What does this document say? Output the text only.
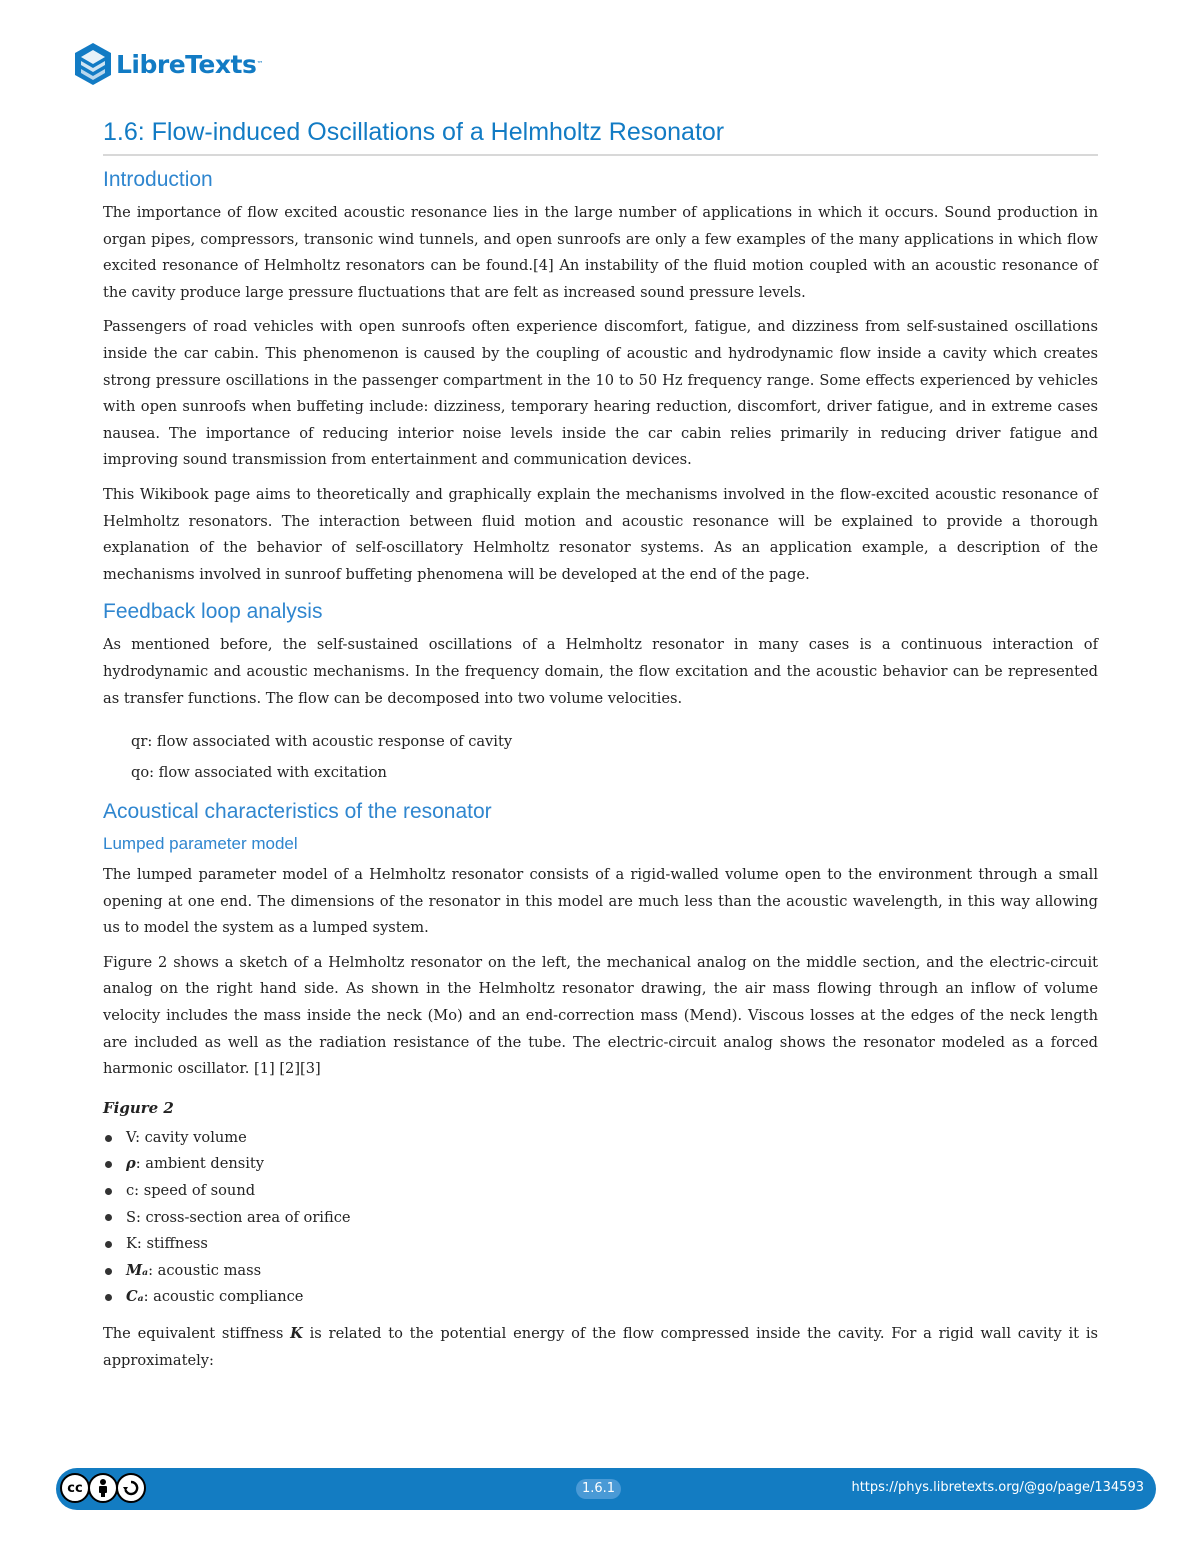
LibreTexts ™
1.6: Flow-induced Oscillations of a Helmholtz Resonator
Introduction

The importance of flow excited acoustic resonance lies in the large number of applications in which it occurs. Sound production in organ pipes, compressors, transonic wind tunnels, and open sunroofs are only a few examples of the many applications in which flow excited resonance of Helmholtz resonators can be found.[4] An instability of the fluid motion coupled with an acoustic resonance of the cavity produce large pressure fluctuations that are felt as increased sound pressure levels.

Passengers of road vehicles with open sunroofs often experience discomfort, fatigue, and dizziness from self-sustained oscillations inside the car cabin. This phenomenon is caused by the coupling of acoustic and hydrodynamic flow inside a cavity which creates strong pressure oscillations in the passenger compartment in the 10 to 50 Hz frequency range. Some effects experienced by vehicles with open sunroofs when buffeting include: dizziness, temporary hearing reduction, discomfort, driver fatigue, and in extreme cases nausea. The importance of reducing interior noise levels inside the car cabin relies primarily in reducing driver fatigue and improving sound transmission from entertainment and communication devices.

This Wikibook page aims to theoretically and graphically explain the mechanisms involved in the flow-excited acoustic resonance of Helmholtz resonators. The interaction between fluid motion and acoustic resonance will be explained to provide a thorough explanation of the behavior of self-oscillatory Helmholtz resonator systems. As an application example, a description of the mechanisms involved in sunroof buffeting phenomena will be developed at the end of the page.

Feedback loop analysis

As mentioned before, the self-sustained oscillations of a Helmholtz resonator in many cases is a continuous interaction of hydrodynamic and acoustic mechanisms. In the frequency domain, the flow excitation and the acoustic behavior can be represented as transfer functions. The flow can be decomposed into two volume velocities.

qr: flow associated with acoustic response of cavity
qo: flow associated with excitation
Acoustical characteristics of the resonator
Lumped parameter model

The lumped parameter model of a Helmholtz resonator consists of a rigid-walled volume open to the environment through a small opening at one end. The dimensions of the resonator in this model are much less than the acoustic wavelength, in this way allowing us to model the system as a lumped system.

Figure 2 shows a sketch of a Helmholtz resonator on the left, the mechanical analog on the middle section, and the electric-circuit analog on the right hand side. As shown in the Helmholtz resonator drawing, the air mass flowing through an inflow of volume velocity includes the mass inside the neck (Mo) and an end-correction mass (Mend). Viscous losses at the edges of the neck length are included as well as the radiation resistance of the tube. The electric-circuit analog shows the resonator modeled as a forced harmonic oscillator. [1] [2][3]

Figure 2
V: cavity volume
ρ : ambient density
c: speed of sound
S: cross-section area of orifice
K: stiffness
Mₐ : acoustic mass
Cₐ : acoustic compliance

The equivalent stiffness K is related to the potential energy of the flow compressed inside the cavity. For a rigid wall cavity it is approximately:

cc	1.6.1	https://phys.libretexts.org/@go/page/134593
